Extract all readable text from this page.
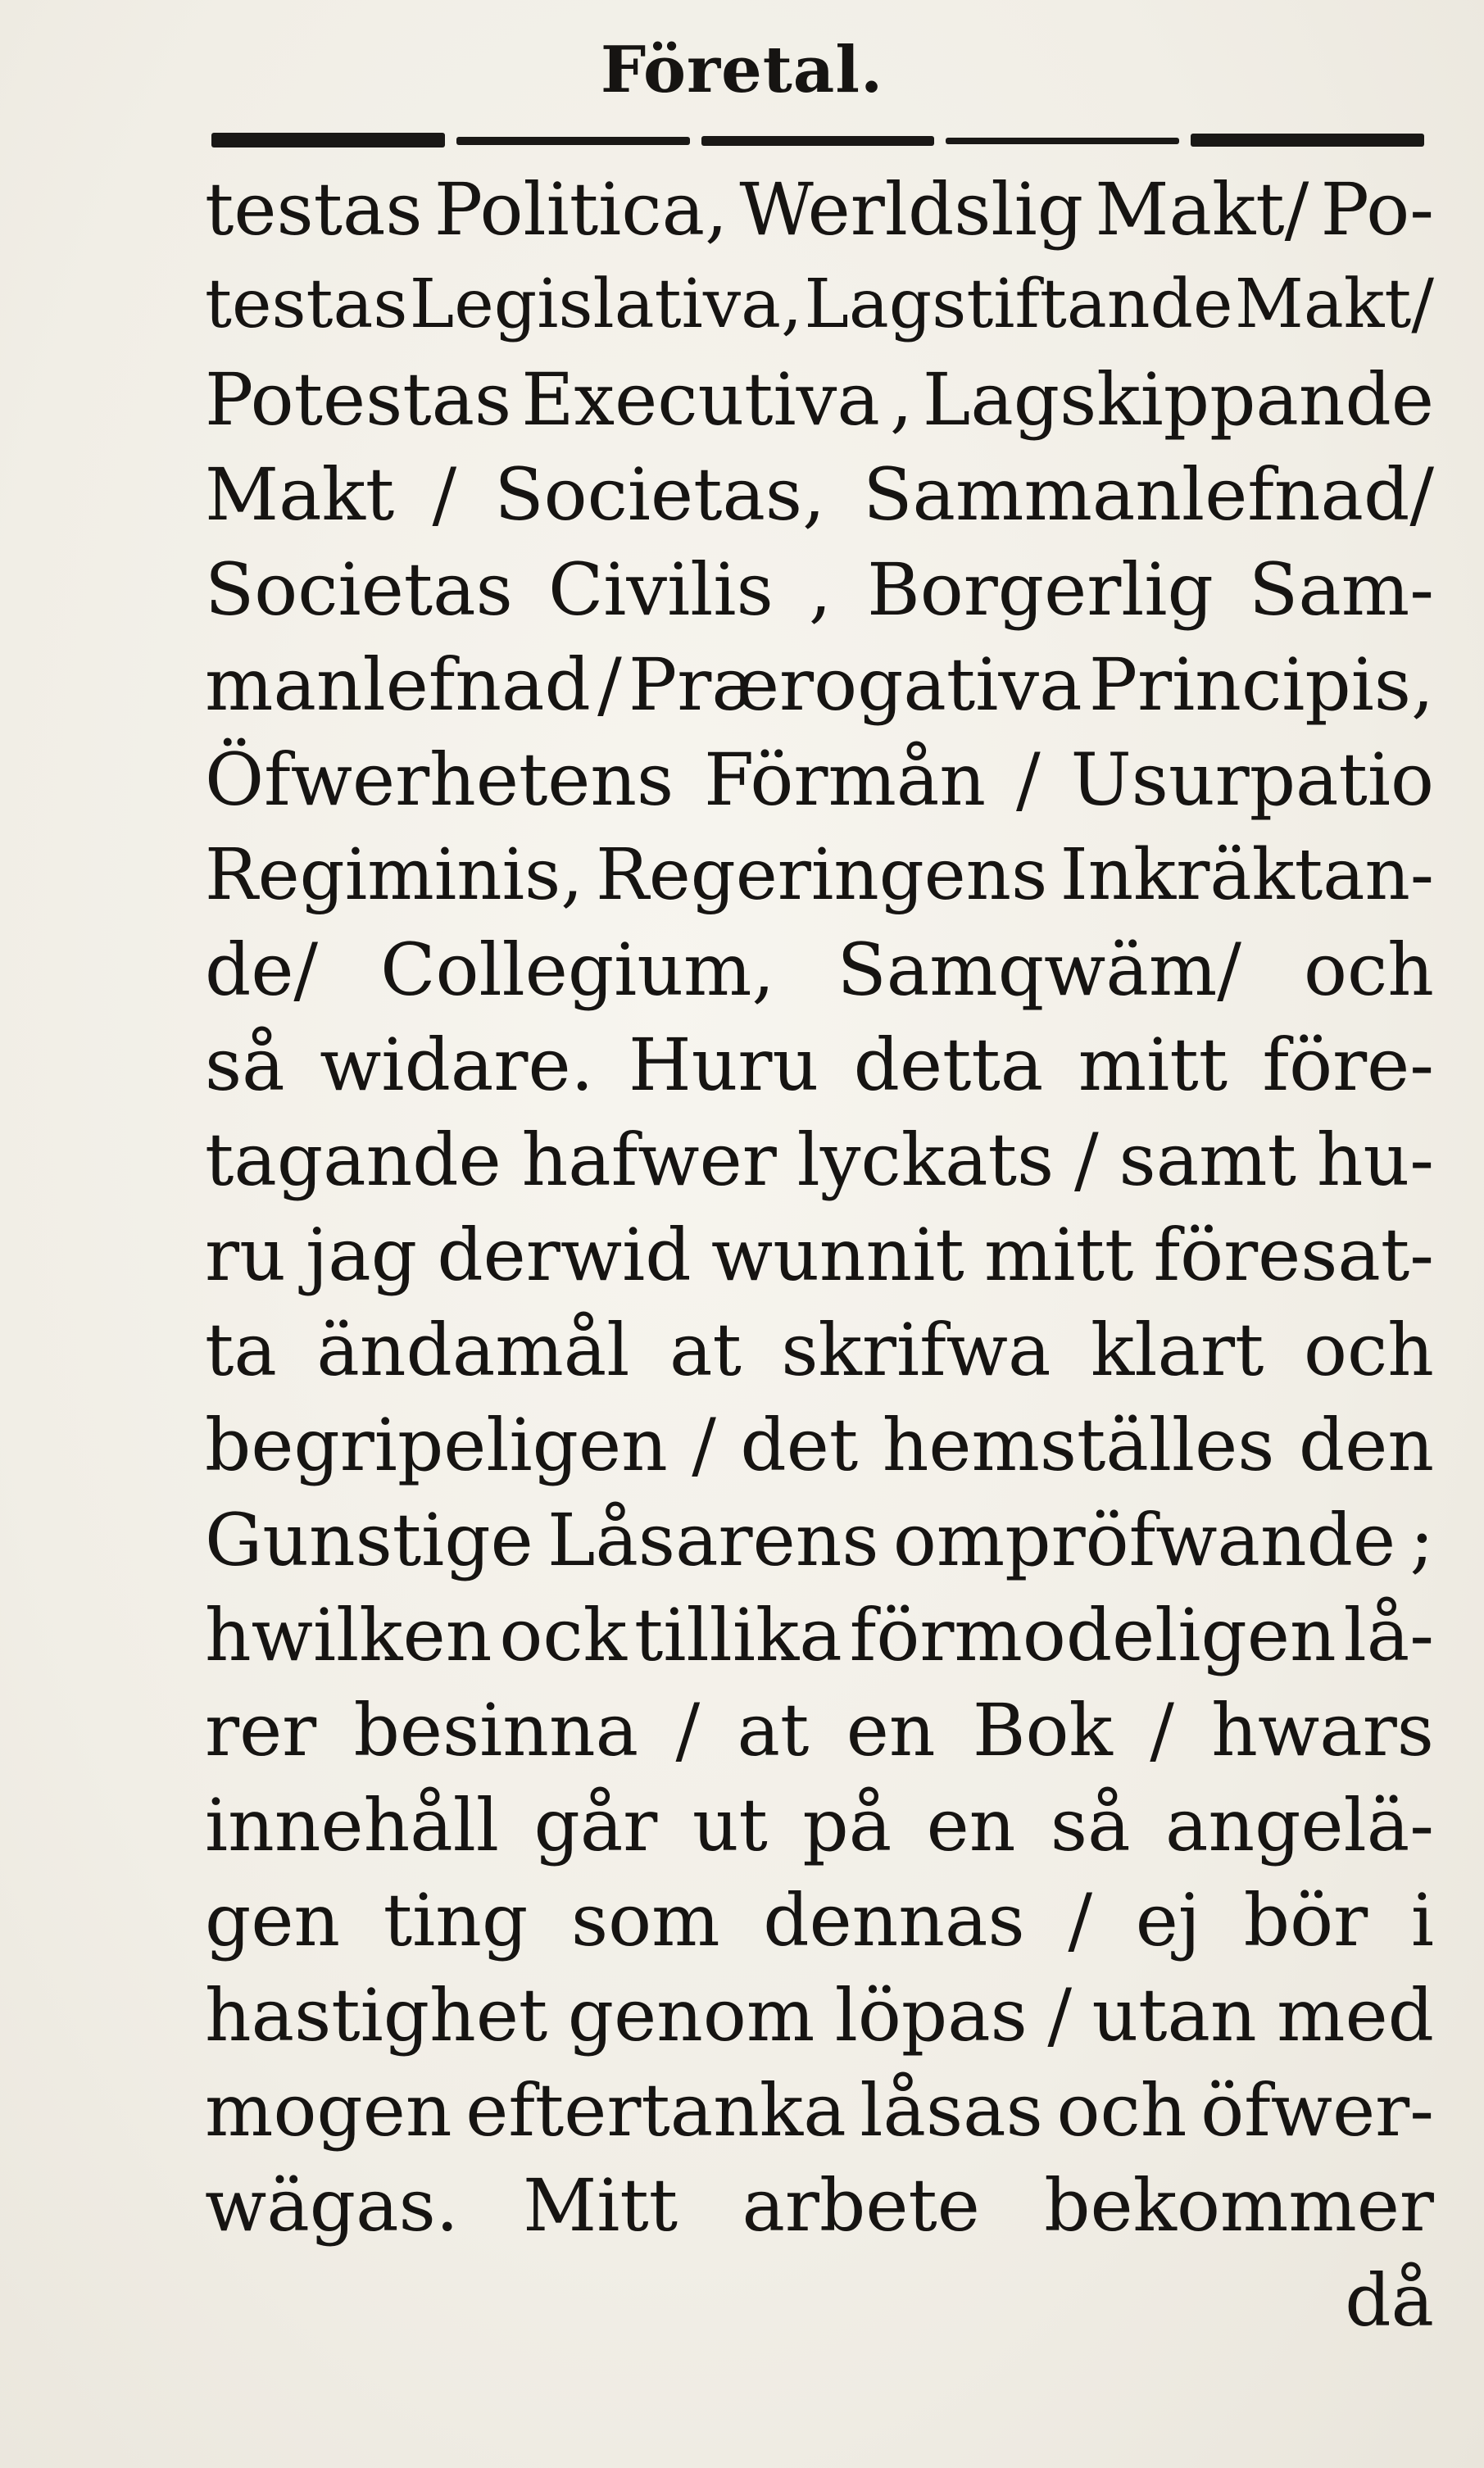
Företal.
testas Politica, Werldslig Makt/ Po-
testas Legislativa, Lagstiftande Makt/
Potestas Executiva , Lagskippande
Makt / Societas, Sammanlefnad/
Societas Civilis , Borgerlig Sam-
manlefnad / Prærogativa Principis,
Öfwerhetens Förmån / Usurpatio
Regiminis, Regeringens Inkräktan-
de/ Collegium, Samqwäm/ och
så widare. Huru detta mitt före-
tagande hafwer lyckats / samt hu-
ru jag derwid wunnit mitt föresat-
ta ändamål at skrifwa klart och
begripeligen / det hemställes den
Gunstige Låsarens ompröfwande ;
hwilken ock tillika förmodeligen lå-
rer besinna / at en Bok / hwars
innehåll går ut på en så angelä-
gen ting som dennas / ej bör i
hastighet genom löpas / utan med
mogen eftertanka låsas och öfwer-
wägas. Mitt arbete bekommer
då
